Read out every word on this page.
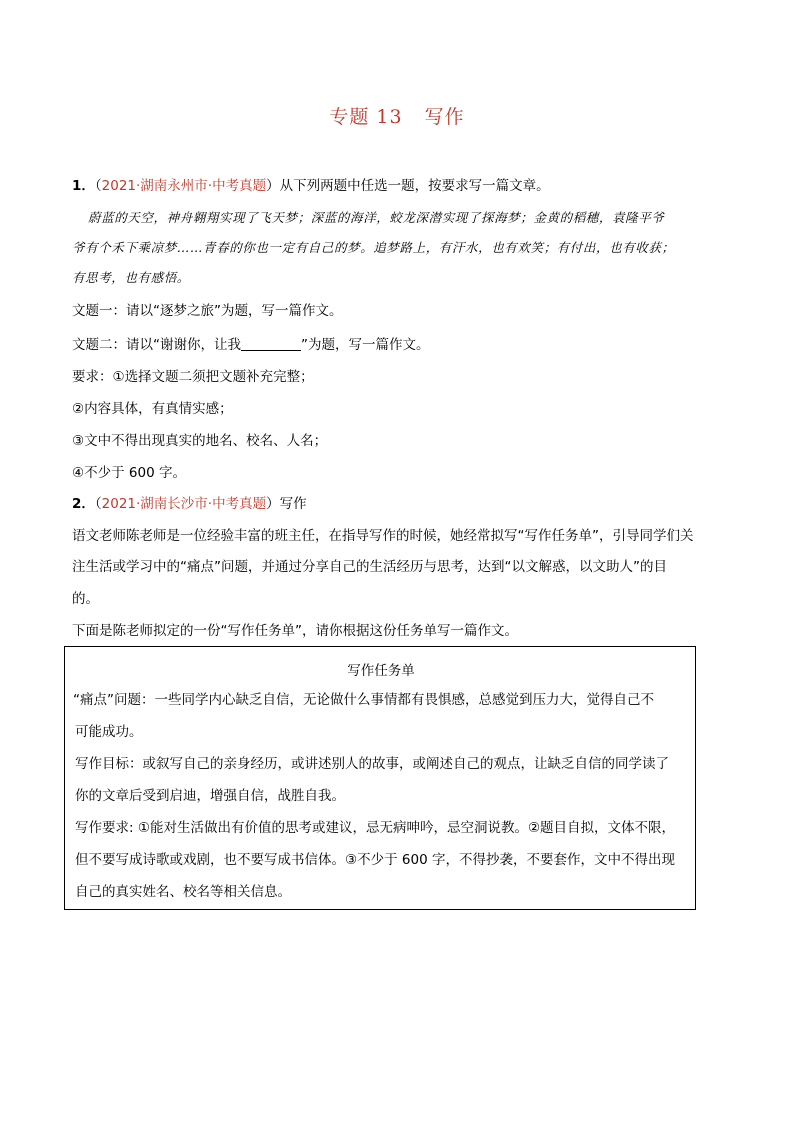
专题 13 写作
1．（2021·湖南永州市·中考真题）从下列两题中任选一题，按要求写一篇文章。
蔚蓝的天空，神舟翱翔实现了飞天梦；深蓝的海洋，蛟龙深潜实现了探海梦；金黄的稻穗，袁隆平爷
爷有个禾下乘凉梦……青春的你也一定有自己的梦。追梦路上，有汗水，也有欢笑；有付出，也有收获；
有思考，也有感悟。
文题一：请以“逐梦之旅”为题，写一篇作文。
文题二：请以“谢谢你，让我	”为题，写一篇作文。
要求：①选择文题二须把文题补充完整；
②内容具体，有真情实感；
③文中不得出现真实的地名、校名、人名；
④不少于 600 字。
2．（2021·湖南长沙市·中考真题）写作
语文老师陈老师是一位经验丰富的班主任，在指导写作的时候，她经常拟写“写作任务单”，引导同学们关
注生活或学习中的“痛点”问题，并通过分享自己的生活经历与思考，达到“以文解惑，以文助人”的目
的。
下面是陈老师拟定的一份“写作任务单”，请你根据这份任务单写一篇作文。
写作任务单
“痛点”问题：一些同学内心缺乏自信，无论做什么事情都有畏惧感，总感觉到压力大，觉得自己不
可能成功。
写作目标：或叙写自己的亲身经历，或讲述别人的故事，或阐述自己的观点，让缺乏自信的同学读了
你的文章后受到启迪，增强自信，战胜自我。
写作要求: ①能对生活做出有价值的思考或建议，忌无病呻吟，忌空洞说教。②题目自拟，文体不限，
但不要写成诗歌或戏剧，也不要写成书信体。③不少于 600 字，不得抄袭，不要套作，文中不得出现
自己的真实姓名、校名等相关信息。
